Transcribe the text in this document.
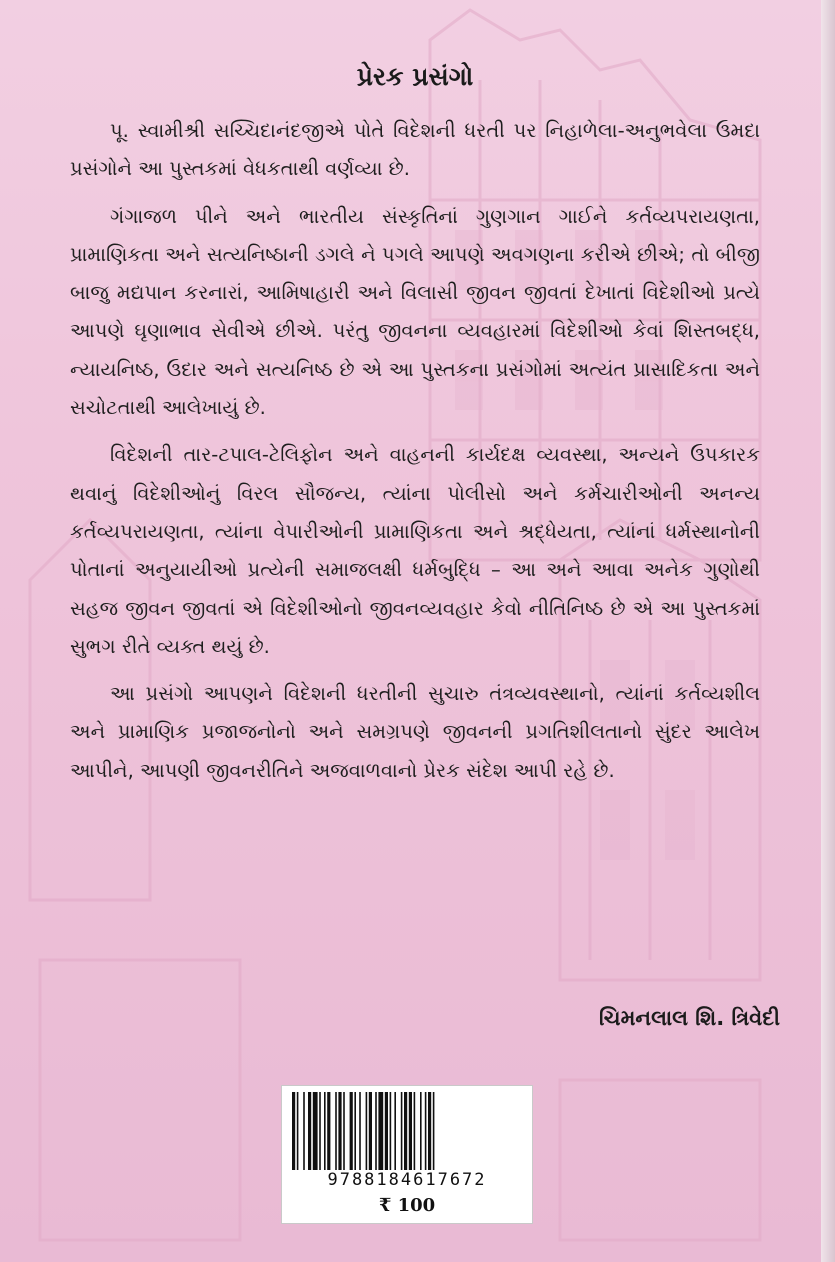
પ્રેરક પ્રસંગો

પૂ. સ્વામીશ્રી સચ્ચિદાનંદજીએ પોતે વિદેશની ધરતી પર નિહાળેલા-અનુભવેલા ઉમદા પ્રસંગોને આ પુસ્તકમાં વેધકતાથી વર્ણવ્યા છે.

ગંગાજળ પીને અને ભારતીય સંસ્કૃતિનાં ગુણગાન ગાઈને કર્તવ્યપરાયણતા, પ્રામાણિકતા અને સત્યનિષ્ઠાની ડગલે ને પગલે આપણે અવગણના કરીએ છીએ; તો બીજી બાજુ મદ્યપાન કરનારાં, આમિષાહારી અને વિલાસી જીવન જીવતાં દેખાતાં વિદેશીઓ પ્રત્યે આપણે ઘૃણાભાવ સેવીએ છીએ. પરંતુ જીવનના વ્યવહારમાં વિદેશીઓ કેવાં શિસ્તબદ્ધ, ન્યાયનિષ્ઠ, ઉદાર અને સત્યનિષ્ઠ છે એ આ પુસ્તકના પ્રસંગોમાં અત્યંત પ્રાસાદિકતા અને સચોટતાથી આલેખાયું છે.

વિદેશની તાર-ટપાલ-ટેલિફોન અને વાહનની કાર્યદક્ષ વ્યવસ્થા, અન્યને ઉપકારક થવાનું વિદેશીઓનું વિરલ સૌજન્ય, ત્યાંના પોલીસો અને કર્મચારીઓની અનન્ય કર્તવ્યપરાયણતા, ત્યાંના વેપારીઓની પ્રામાણિકતા અને શ્રદ્ધેયતા, ત્યાંનાં ધર્મસ્થાનોની પોતાનાં અનુયાયીઓ પ્રત્યેની સમાજલક્ષી ધર્મબુદ્ધિ – આ અને આવા અનેક ગુણોથી સહજ જીવન જીવતાં એ વિદેશીઓનો જીવનવ્યવહાર કેવો નીતિનિષ્ઠ છે એ આ પુસ્તકમાં સુભગ રીતે વ્યક્ત થયું છે.

આ પ્રસંગો આપણને વિદેશની ધરતીની સુચારુ તંત્રવ્યવસ્થાનો, ત્યાંનાં કર્તવ્યશીલ અને પ્રામાણિક પ્રજાજનોનો અને સમગ્રપણે જીવનની પ્રગતિશીલતાનો સુંદર આલેખ આપીને, આપણી જીવનરીતિને અજવાળવાનો પ્રેરક સંદેશ આપી રહે છે.

ચિમનલાલ શિ. ત્રિવેદી

9788184617672
₹ 100
